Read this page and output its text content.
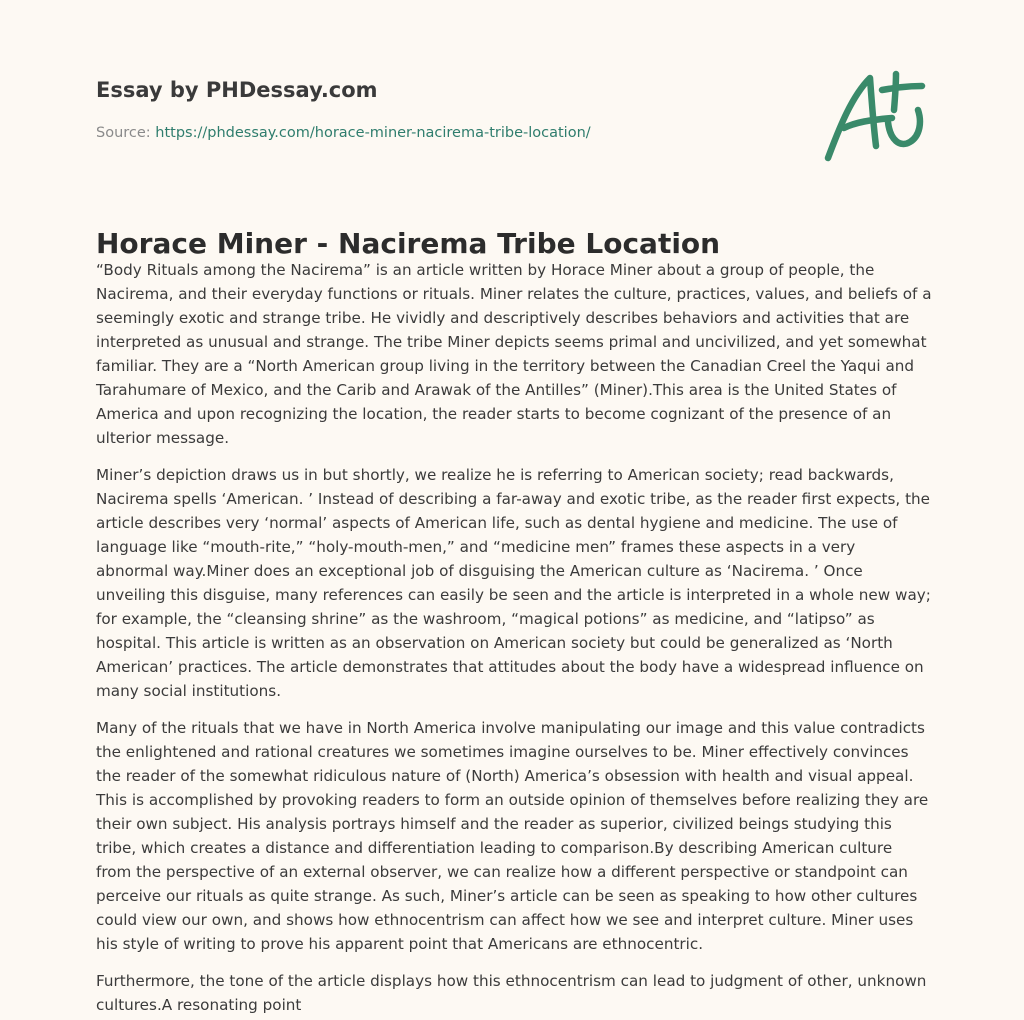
Essay by PHDessay.com
Source: https://phdessay.com/horace-miner-nacirema-tribe-location/
Horace Miner - Nacirema Tribe Location

“Body Rituals among the Nacirema” is an article written by Horace Miner about a group of people, the Nacirema, and their everyday functions or rituals. Miner relates the culture, practices, values, and beliefs of a seemingly exotic and strange tribe. He vividly and descriptively describes behaviors and activities that are interpreted as unusual and strange. The tribe Miner depicts seems primal and uncivilized, and yet somewhat familiar. They are a “North American group living in the territory between the Canadian Creel the Yaqui and Tarahumare of Mexico, and the Carib and Arawak of the Antilles” (Miner).This area is the United States of America and upon recognizing the location, the reader starts to become cognizant of the presence of an ulterior message.

Miner’s depiction draws us in but shortly, we realize he is referring to American society; read backwards, Nacirema spells ‘American. ’ Instead of describing a far-away and exotic tribe, as the reader first expects, the article describes very ‘normal’ aspects of American life, such as dental hygiene and medicine. The use of language like “mouth-rite,” “holy-mouth-men,” and “medicine men” frames these aspects in a very abnormal way.Miner does an exceptional job of disguising the American culture as ‘Nacirema. ’ Once unveiling this disguise, many references can easily be seen and the article is interpreted in a whole new way; for example, the “cleansing shrine” as the washroom, “magical potions” as medicine, and “latipso” as hospital. This article is written as an observation on American society but could be generalized as ‘North American’ practices. The article demonstrates that attitudes about the body have a widespread influence on many social institutions.

Many of the rituals that we have in North America involve manipulating our image and this value contradicts the enlightened and rational creatures we sometimes imagine ourselves to be. Miner effectively convinces the reader of the somewhat ridiculous nature of (North) America’s obsession with health and visual appeal. This is accomplished by provoking readers to form an outside opinion of themselves before realizing they are their own subject. His analysis portrays himself and the reader as superior, civilized beings studying this tribe, which creates a distance and differentiation leading to comparison.By describing American culture from the perspective of an external observer, we can realize how a different perspective or standpoint can perceive our rituals as quite strange. As such, Miner’s article can be seen as speaking to how other cultures could view our own, and shows how ethnocentrism can affect how we see and interpret culture. Miner uses his style of writing to prove his apparent point that Americans are ethnocentric.

Furthermore, the tone of the article displays how this ethnocentrism can lead to judgment of other, unknown cultures.A resonating point
